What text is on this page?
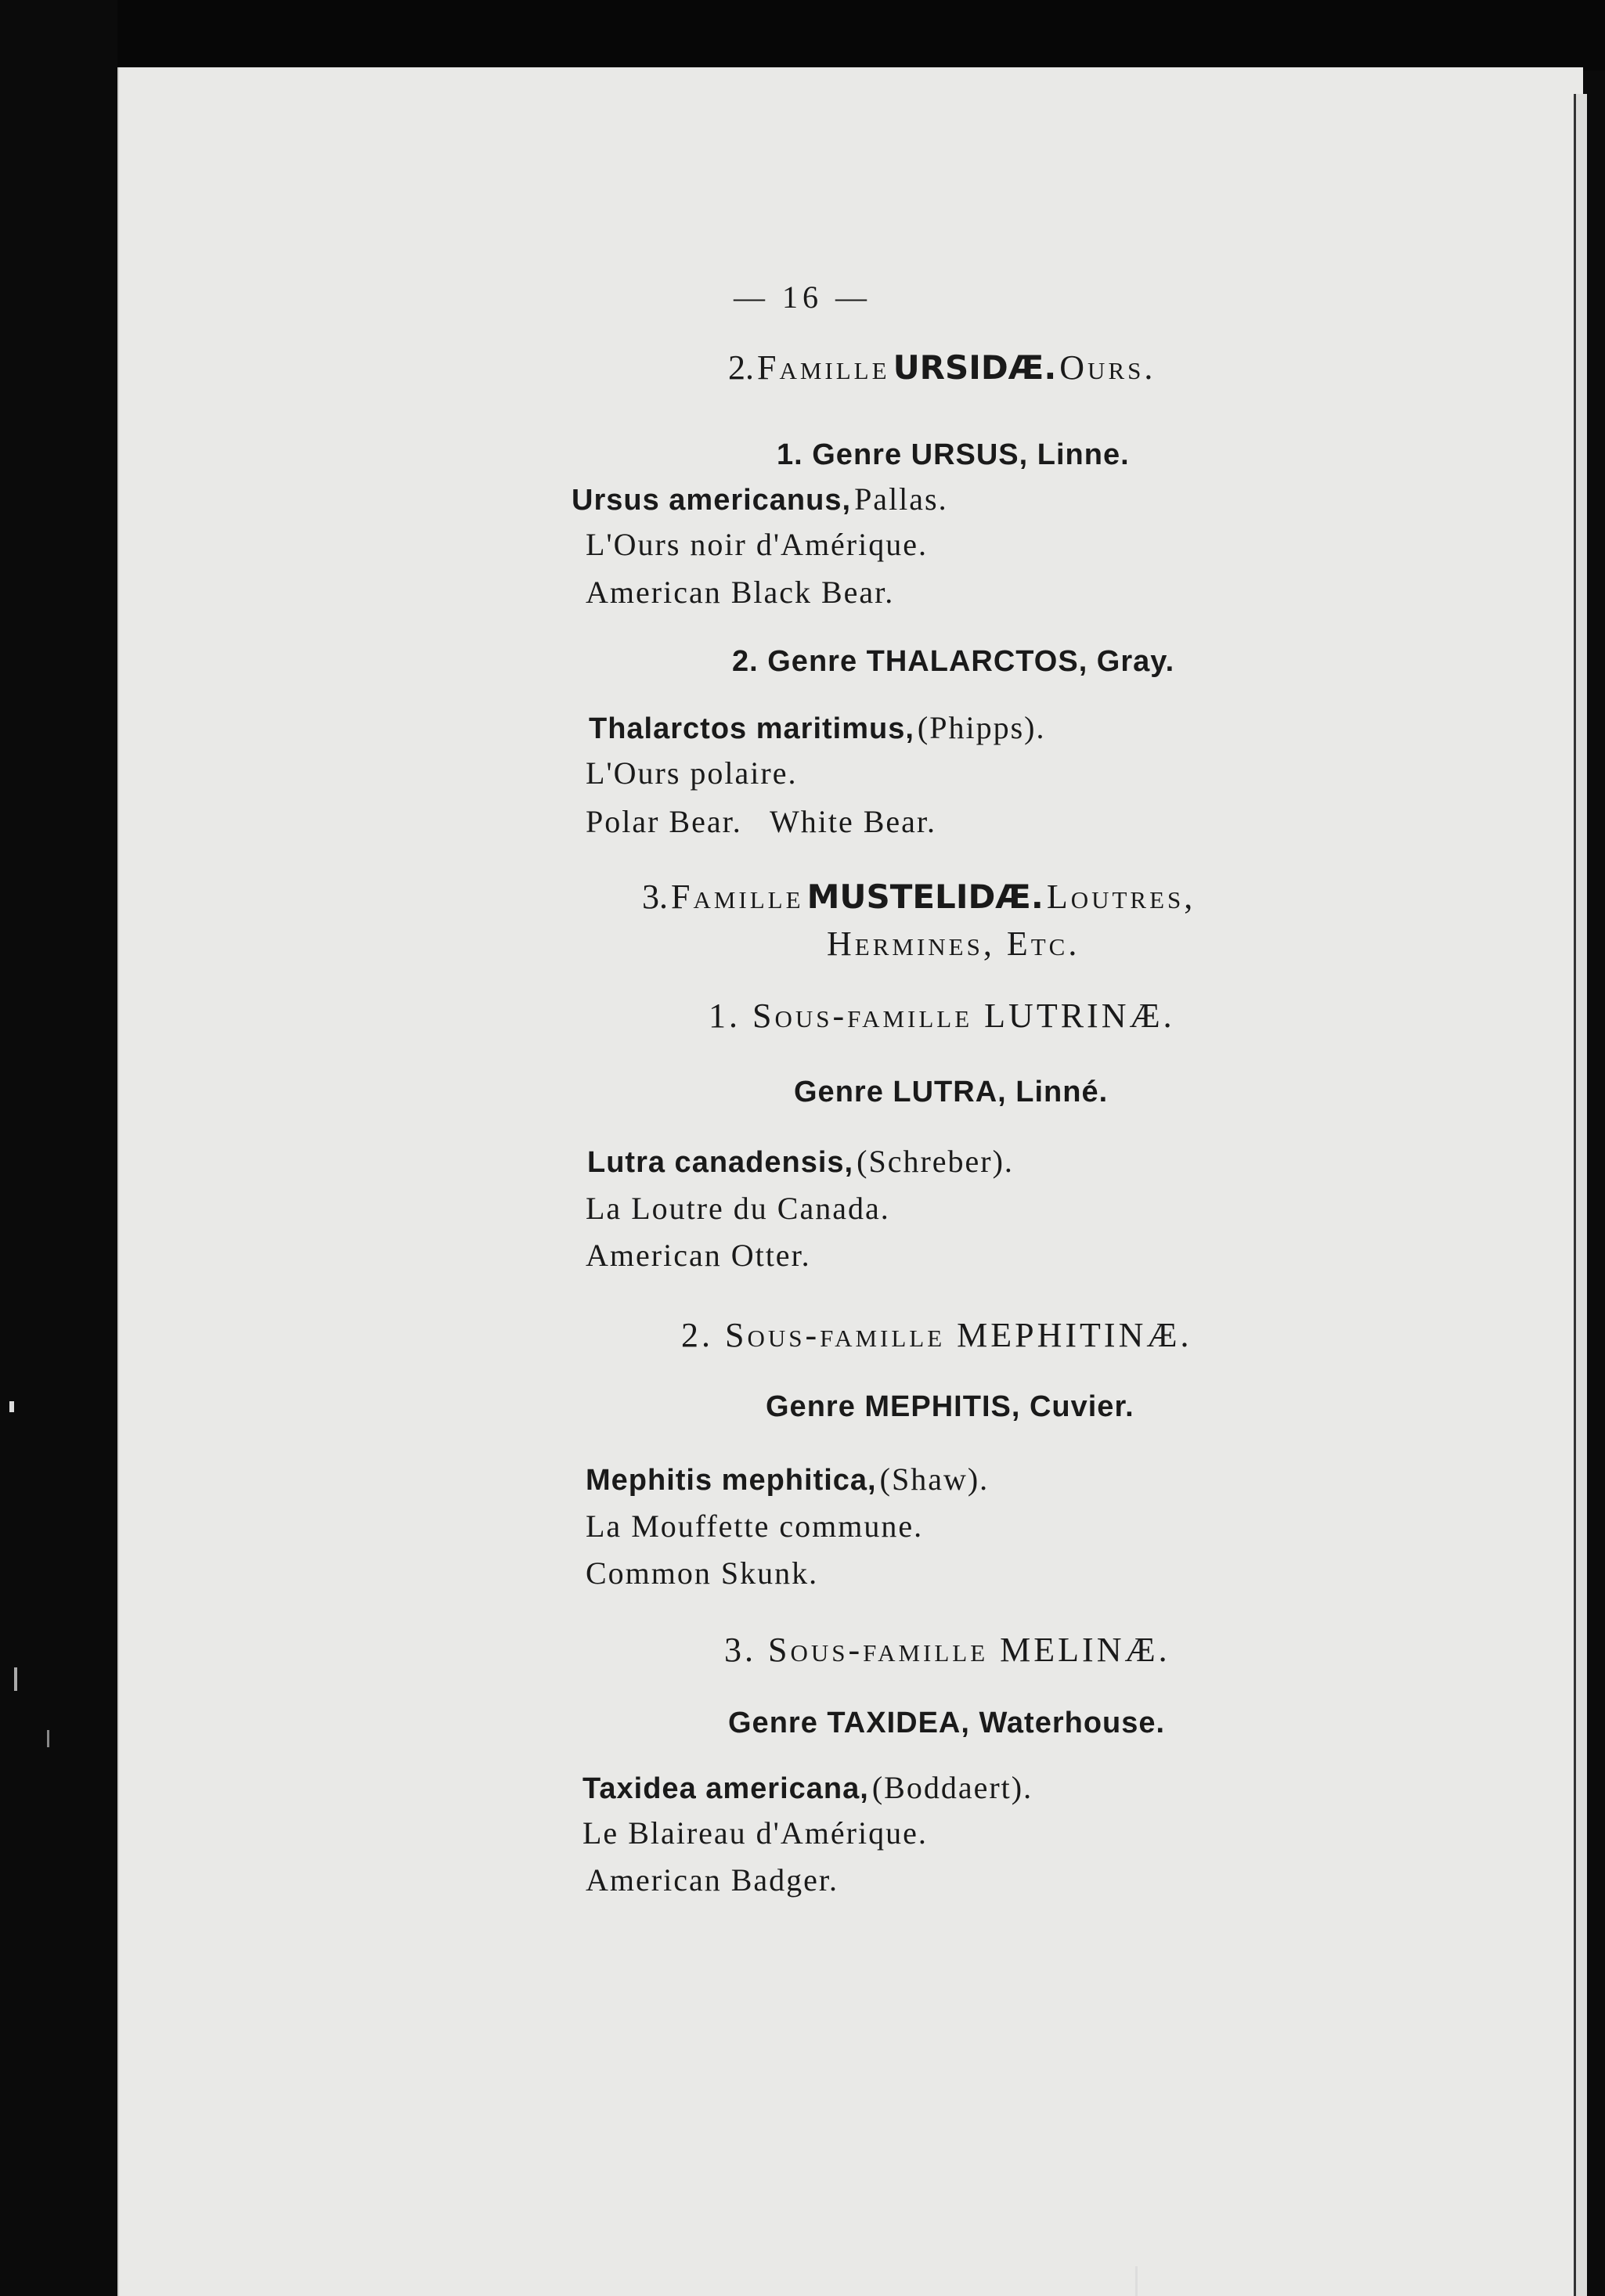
— 16 —
2. Famille URSIDÆ. Ours.
1. Genre URSUS, Linne.
Ursus americanus, Pallas.
L'Ours noir d'Amérique.
American Black Bear.
2. Genre THALARCTOS, Gray.
Thalarctos maritimus, (Phipps).
L'Ours polaire.
Polar Bear.   White Bear.
3. Famille MUSTELIDÆ. Loutres,
Hermines, Etc.
1. Sous-famille LUTRINÆ.
Genre LUTRA, Linné.
Lutra canadensis, (Schreber).
La Loutre du Canada.
American Otter.
2. Sous-famille MEPHITINÆ.
Genre MEPHITIS, Cuvier.
Mephitis mephitica, (Shaw).
La Mouffette commune.
Common Skunk.
3. Sous-famille MELINÆ.
Genre TAXIDEA, Waterhouse.
Taxidea americana, (Boddaert).
Le Blaireau d'Amérique.
American Badger.
